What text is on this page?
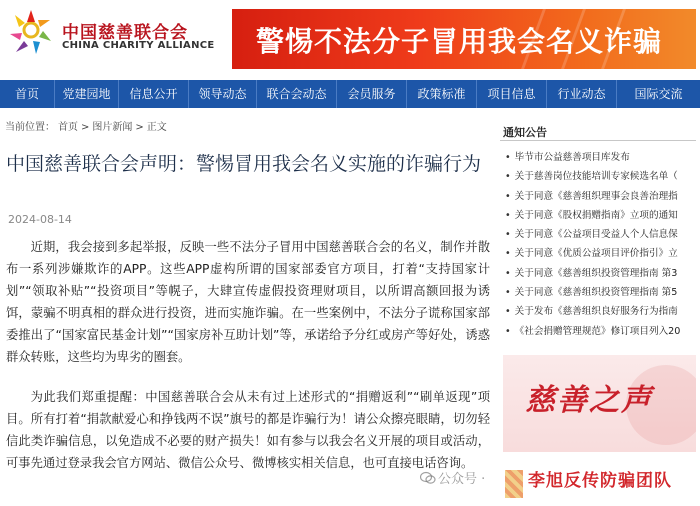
中国慈善联合会
CHINA CHARITY ALLIANCE 警惕不法分子冒用我会名义诈骗
首页	党建园地	信息公开	领导动态	联合会动态	会员服务	政策标准	项目信息	行业动态	国际交流
当前位置： 首页 > 图片新闻 > 正文
中国慈善联合会声明：警惕冒用我会名义实施的诈骗行为
2024-08-14

近期，我会接到多起举报，反映一些不法分子冒用中国慈善联合会的名义，制作并散布一系列涉嫌欺诈的APP。这些APP虚构所谓的国家部委官方项目，打着“支持国家计划”“领取补贴”“投资项目”等幌子，大肆宣传虚假投资理财项目，以所谓高额回报为诱饵，蒙骗不明真相的群众进行投资，进而实施诈骗。在一些案例中，不法分子谎称国家部委推出了“国家富民基金计划”“国家房补互助计划”等，承诺给予分红或房产等好处，诱惑群众转账，这些均为卑劣的圈套。

为此我们郑重提醒：中国慈善联合会从未有过上述形式的“捐赠返利”“刷单返现”项目。所有打着“捐款献爱心和挣钱两不误”旗号的都是诈骗行为！请公众擦亮眼睛，切勿轻信此类诈骗信息，以免造成不必要的财产损失！如有参与以我会名义开展的项目或活动，可事先通过登录我会官方网站、微信公众号、微博核实相关信息，也可直接电话咨询。

通知公告
• 毕节市公益慈善项目库发布
• 关于慈善岗位技能培训专家候选名单（
• 关于同意《慈善组织理事会良善治理指
• 关于同意《股权捐赠指南》立项的通知
• 关于同意《公益项目受益人个人信息保
• 关于同意《优质公益项目评价指引》立
• 关于同意《慈善组织投资管理指南 第3
• 关于同意《慈善组织投资管理指南 第5
• 关于发布《慈善组织良好服务行为指南
• 《社会捐赠管理规范》修订项目列入20
慈善之声
公众号 ·	李旭反传防骗团队
